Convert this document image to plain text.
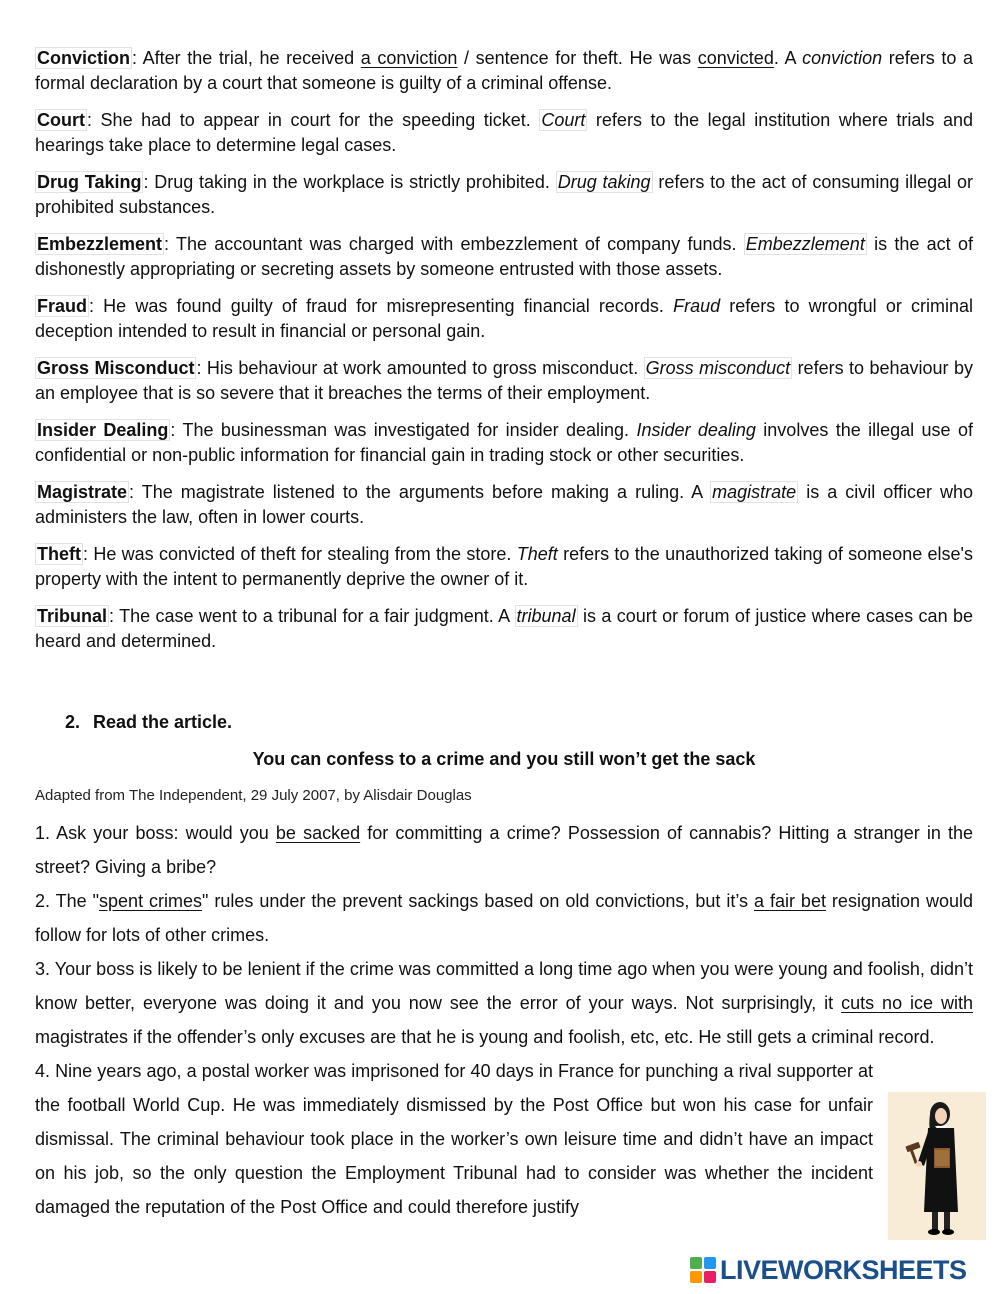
Conviction : After the trial, he received a conviction / sentence for theft. He was convicted. A conviction refers to a formal declaration by a court that someone is guilty of a criminal offense.

Court : She had to appear in court for the speeding ticket. Court refers to the legal institution where trials and hearings take place to determine legal cases.

Drug Taking : Drug taking in the workplace is strictly prohibited. Drug taking refers to the act of consuming illegal or prohibited substances.

Embezzlement : The accountant was charged with embezzlement of company funds. Embezzlement is the act of dishonestly appropriating or secreting assets by someone entrusted with those assets.

Fraud : He was found guilty of fraud for misrepresenting financial records. Fraud refers to wrongful or criminal deception intended to result in financial or personal gain.

Gross Misconduct : His behaviour at work amounted to gross misconduct. Gross misconduct refers to behaviour by an employee that is so severe that it breaches the terms of their employment.

Insider Dealing : The businessman was investigated for insider dealing. Insider dealing involves the illegal use of confidential or non-public information for financial gain in trading stock or other securities.

Magistrate : The magistrate listened to the arguments before making a ruling. A magistrate is a civil officer who administers the law, often in lower courts.

Theft : He was convicted of theft for stealing from the store. Theft refers to the unauthorized taking of someone else's property with the intent to permanently deprive the owner of it.

Tribunal : The case went to a tribunal for a fair judgment. A tribunal is a court or forum of justice where cases can be heard and determined.

2. Read the article.
You can confess to a crime and you still won’t get the sack
Adapted from The Independent, 29 July 2007, by Alisdair Douglas

1. Ask your boss: would you be sacked for committing a crime? Possession of cannabis? Hitting a stranger in the street? Giving a bribe?

2. The "spent crimes" rules under the prevent sackings based on old convictions, but it’s a fair bet resignation would follow for lots of other crimes.

3. Your boss is likely to be lenient if the crime was committed a long time ago when you were young and foolish, didn’t know better, everyone was doing it and you now see the error of your ways. Not surprisingly, it cuts no ice with magistrates if the offender’s only excuses are that he is young and foolish, etc, etc. He still gets a criminal record.

4. Nine years ago, a postal worker was imprisoned for 40 days in France for punching a rival supporter at the football World Cup. He was immediately dismissed by the Post Office but won his case for unfair dismissal. The criminal behaviour took place in the worker’s own leisure time and didn’t have an impact on his job, so the only question the Employment Tribunal had to consider was whether the incident damaged the reputation of the Post Office and could therefore justify

LIVEWORKSHEETS
